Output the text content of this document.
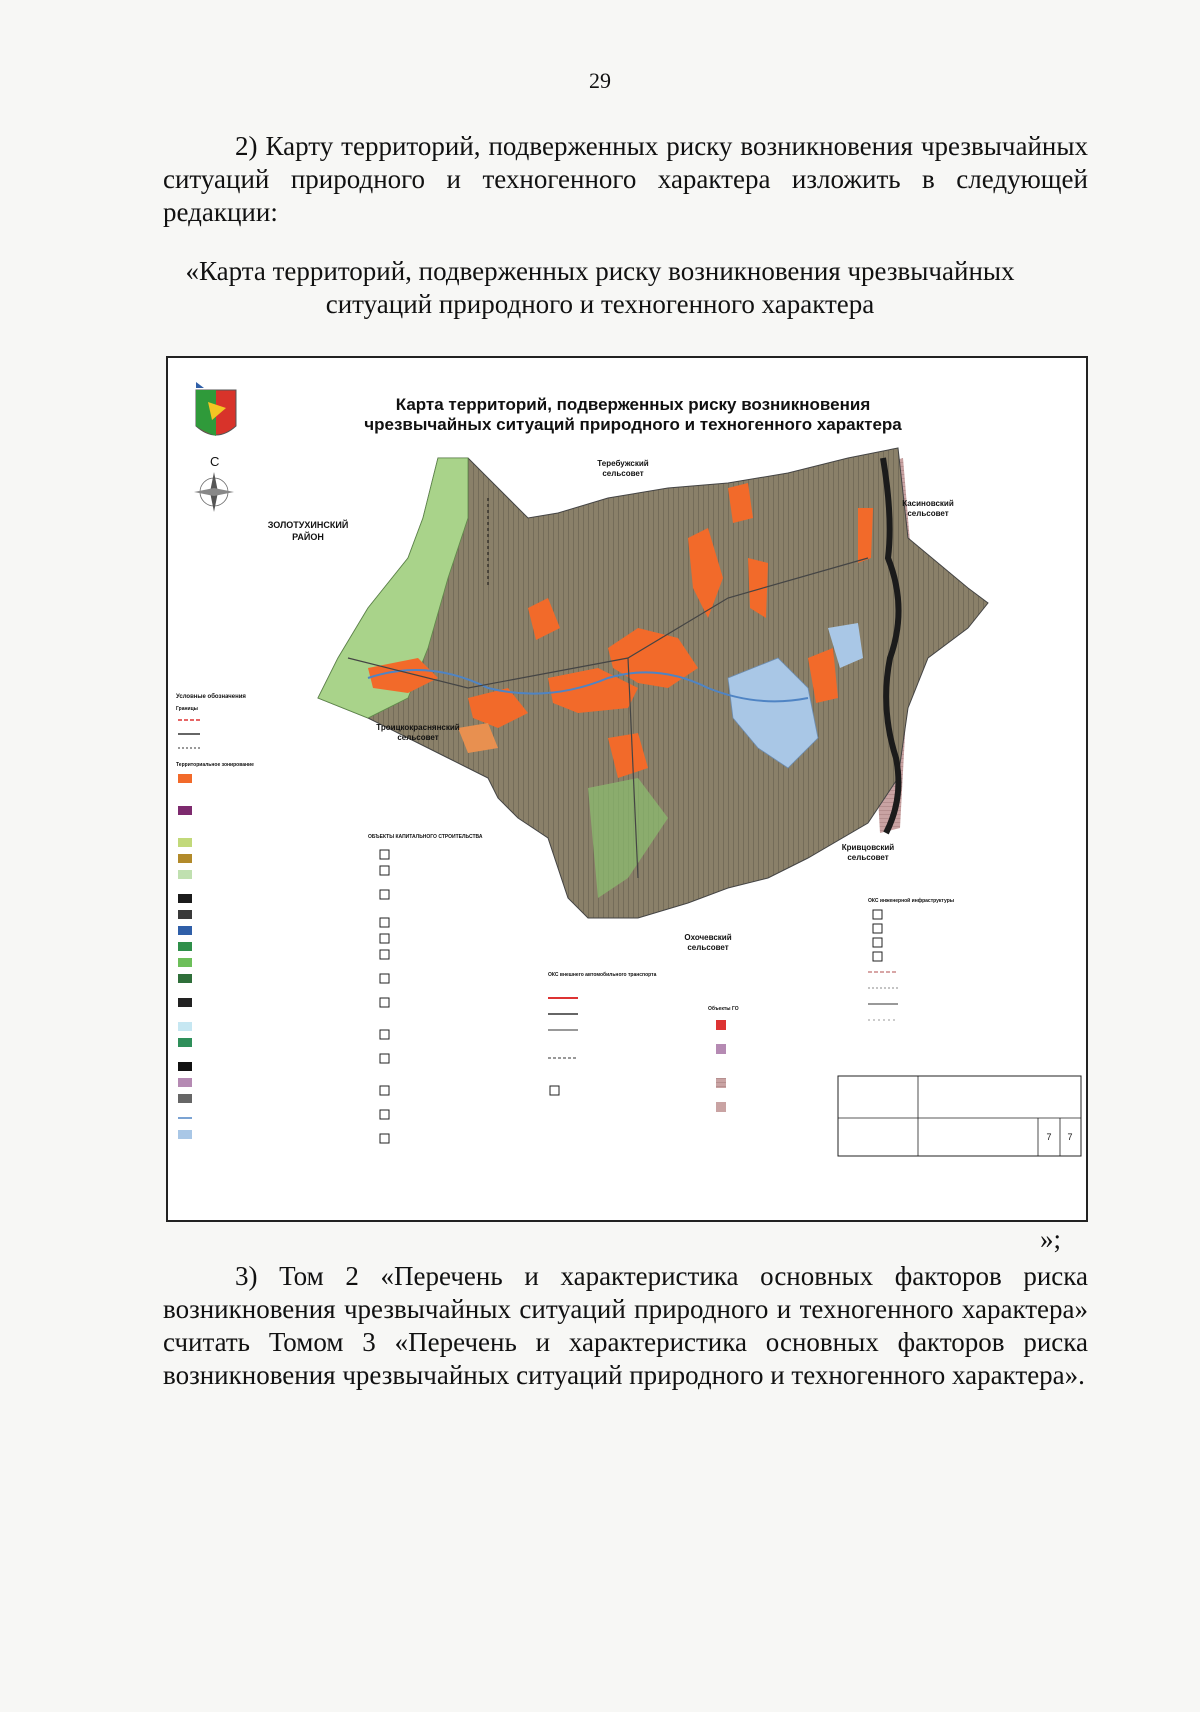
29
2) Карту территорий, подверженных риску возникновения чрезвычайных ситуаций природного и техногенного характера изложить в следующей редакции:
«Карта территорий, подверженных риску возникновения чрезвычайных
ситуаций природного и техногенного характера
С
Карта территорий, подверженных риску возникновения
чрезвычайных ситуаций природного и техногенного характера
ЗОЛОТУХИНСКИЙ
РАЙОН
Теребужский
сельсовет
Касиновский
сельсовет
Троицкокраснянский
сельсовет
Кривцовский
сельсовет
Охочевский
сельсовет
Условные обозначения
Границы
Территориальное зонирование
ОБЪЕКТЫ КАПИТАЛЬНОГО СТРОИТЕЛЬСТВА
ОКС внешнего автомобильного транспорта
Объекты ГО
ОКС инженерной инфраструктуры
7 7
»;
3) Том 2 «Перечень и характеристика основных факторов риска возникновения чрезвычайных ситуаций природного и техногенного характера» считать Томом 3 «Перечень и характеристика основных факторов риска возникновения чрезвычайных ситуаций природного и техногенного характера».
